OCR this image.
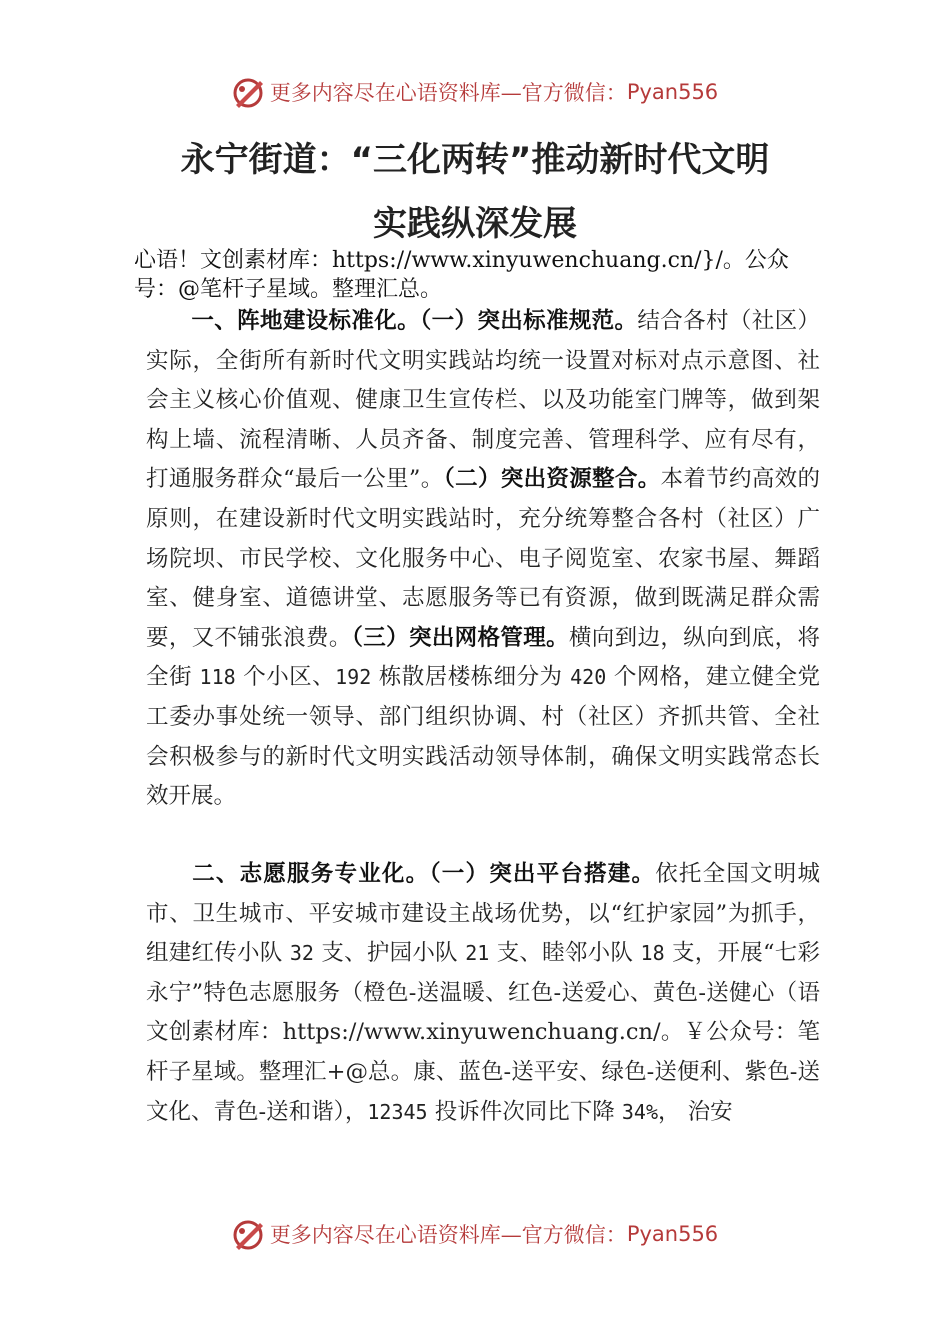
更多内容尽在心语资料库—官方微信： Pyan556
永宁街道：“三化两转”推动新时代文明
实践纵深发展

心语！文创素材库：https://www.xinyuwenchuang.cn/}/。公众号：@笔杆子星域。整理汇总。

一、阵地建设标准化。（一）突出标准规范。结合各村（社区）实际，全街所有新时代文明实践站均统一设置对标对点示意图、社会主义核心价值观、健康卫生宣传栏、以及功能室门牌等，做到架构上墙、流程清晰、人员齐备、制度完善、管理科学、应有尽有，打通服务群众“最后一公里”。（二）突出资源整合。本着节约高效的原则，在建设新时代文明实践站时，充分统筹整合各村（社区）广场院坝、市民学校、文化服务中心、电子阅览室、农家书屋、舞蹈室、健身室、道德讲堂、志愿服务等已有资源，做到既满足群众需要，又不铺张浪费。（三）突出网格管理。横向到边，纵向到底，将全街 118 个小区、192 栋散居楼栋细分为 420 个网格，建立健全党工委办事处统一领导、部门组织协调、村（社区）齐抓共管、全社会积极参与的新时代文明实践活动领导体制，确保文明实践常态长效开展。

二、志愿服务专业化。（一）突出平台搭建。依托全国文明城市、卫生城市、平安城市建设主战场优势，以“红护家园”为抓手，组建红传小队 32 支、护园小队 21 支、睦邻小队 18 支，开展“七彩永宁”特色志愿服务（橙色-送温暖、红色-送爱心、黄色-送健心（语文创素材库：https://www.xinyuwenchuang.cn/。￥公众号：笔杆子星域。整理汇+@总。康、蓝色-送平安、绿色-送便利、紫色-送文化、青色-送和谐），12345 投诉件次同比下降 34%， 治安

更多内容尽在心语资料库—官方微信： Pyan556
